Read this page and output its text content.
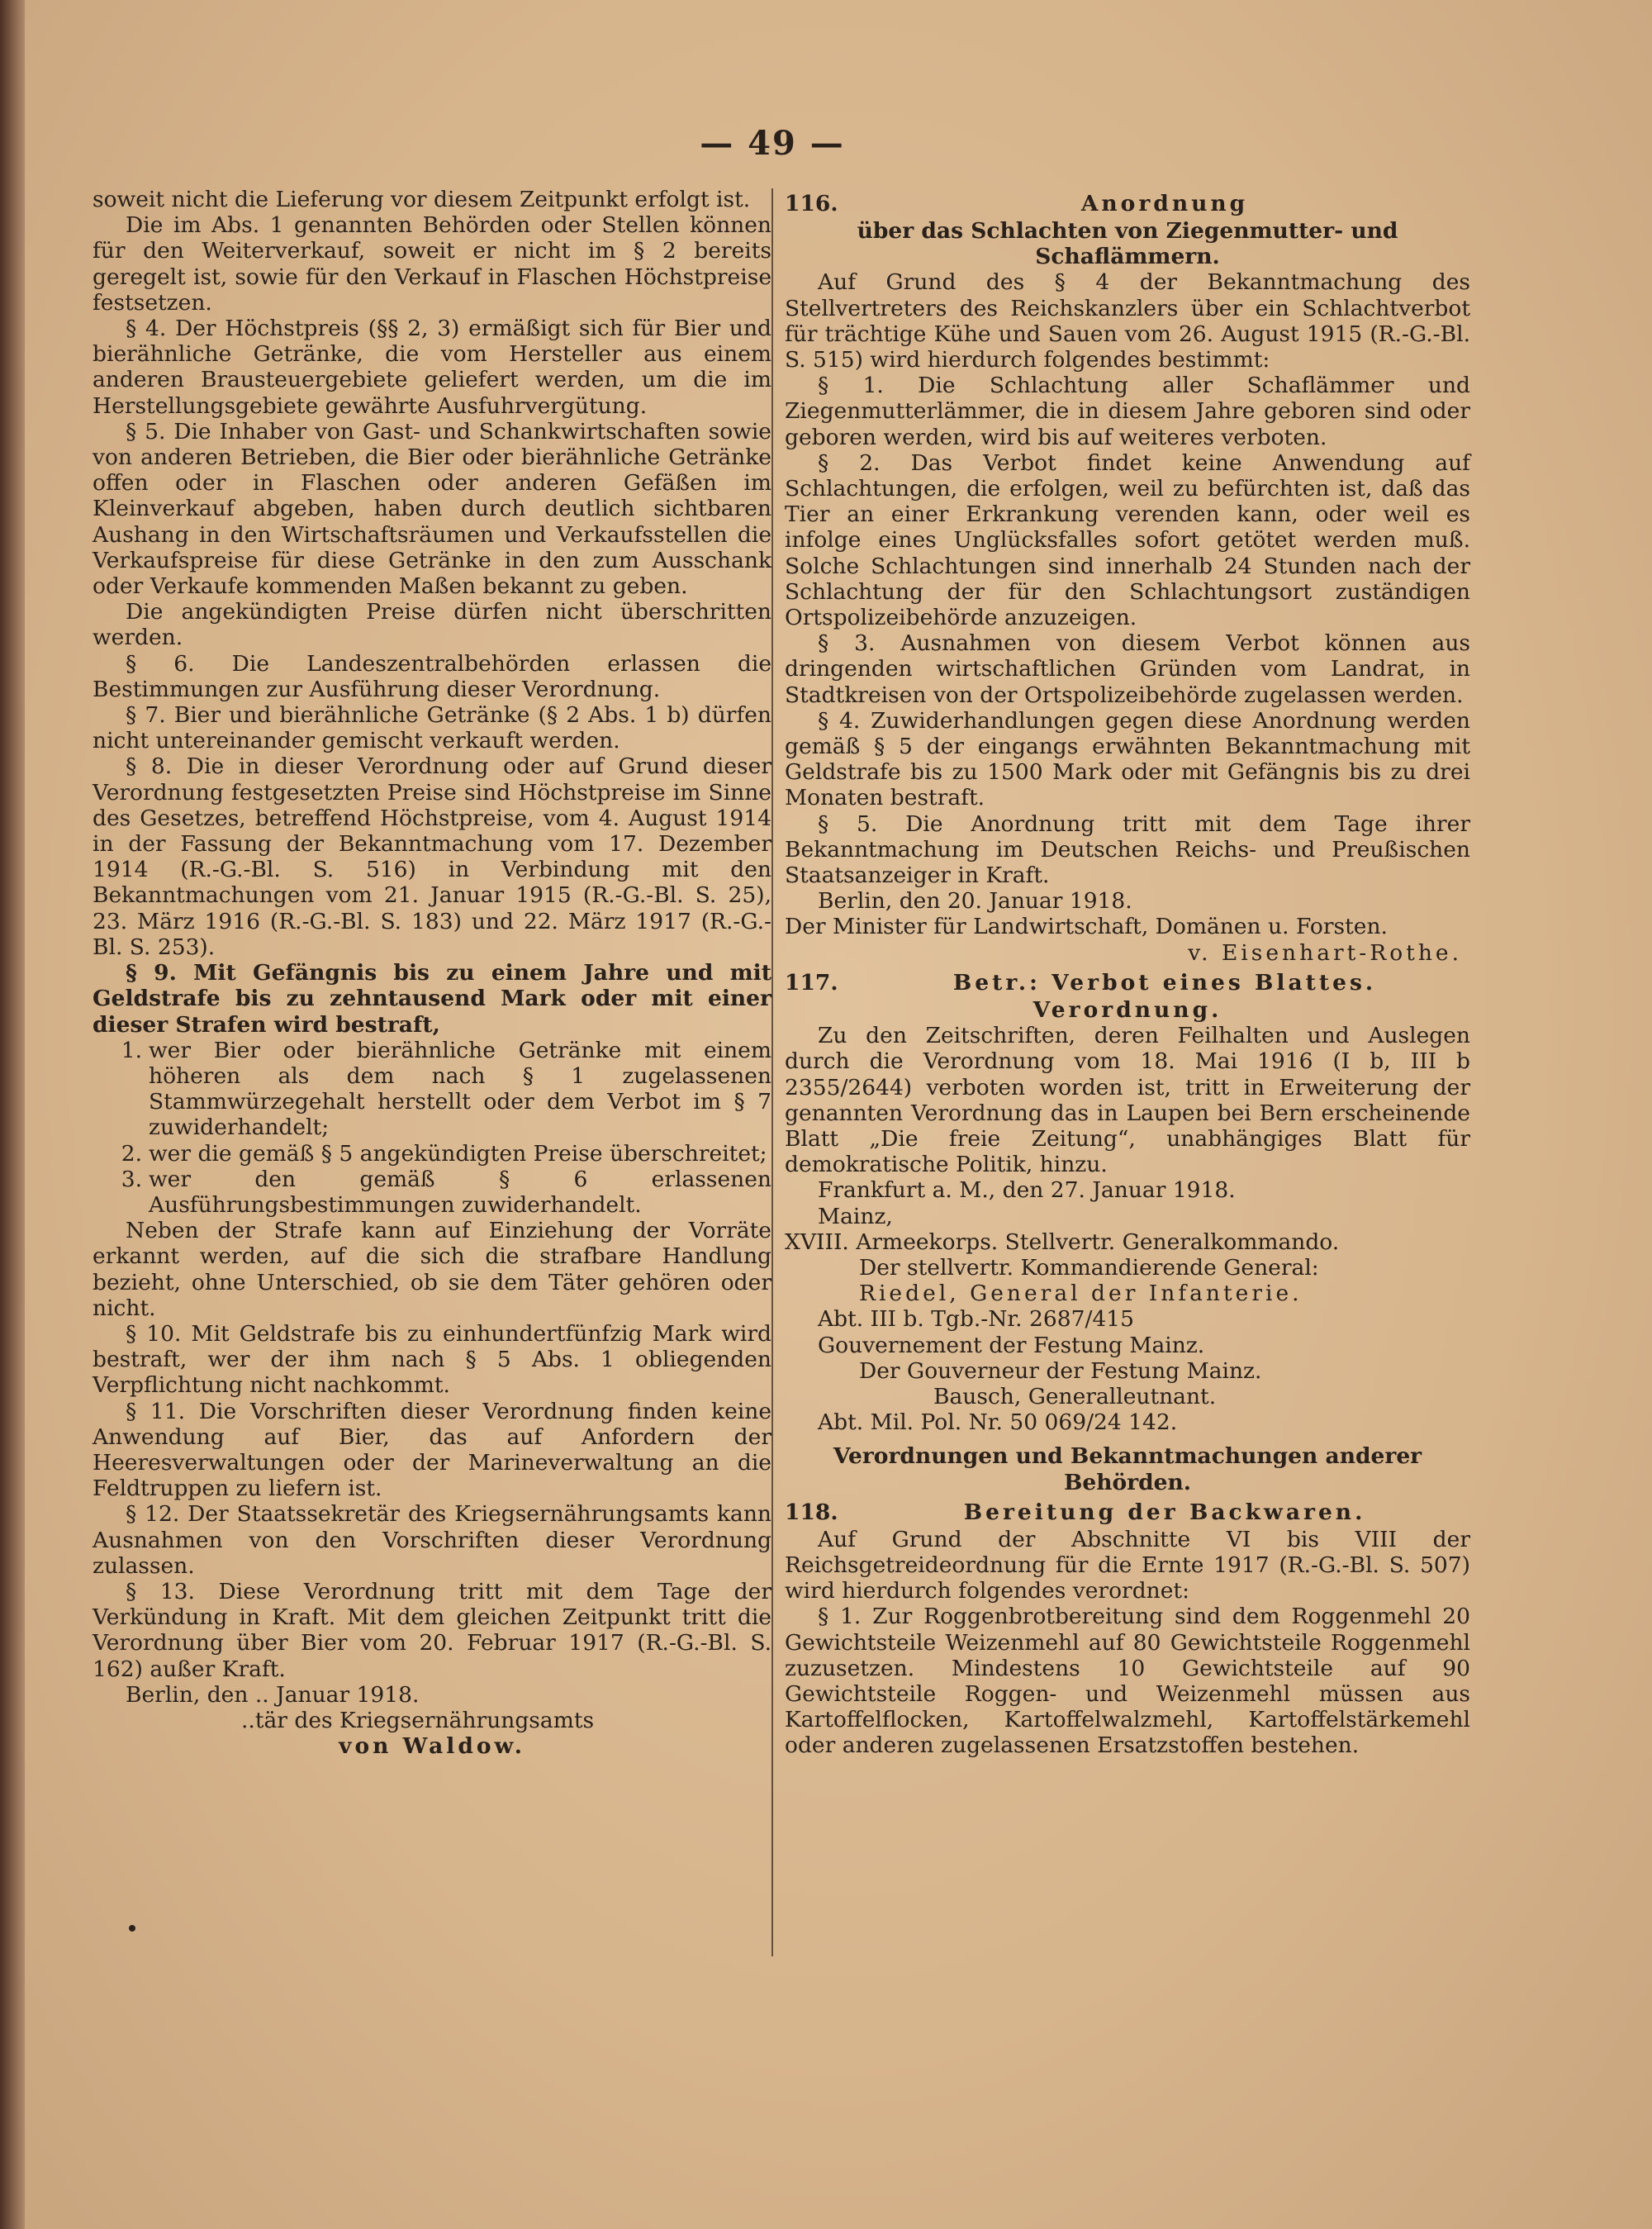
— 49 —

soweit nicht die Lieferung vor diesem Zeitpunkt erfolgt ist.

Die im Abs. 1 genannten Behörden oder Stellen können für den Weiterverkauf, soweit er nicht im § 2 bereits geregelt ist, sowie für den Verkauf in Flaschen Höchstpreise festsetzen.

§ 4. Der Höchstpreis (§§ 2, 3) ermäßigt sich für Bier und bierähnliche Getränke, die vom Hersteller aus einem anderen Brausteuergebiete geliefert werden, um die im Herstellungsgebiete gewährte Ausfuhrvergütung.

§ 5. Die Inhaber von Gast- und Schankwirtschaften sowie von anderen Betrieben, die Bier oder bierähnliche Getränke offen oder in Flaschen oder anderen Gefäßen im Kleinverkauf abgeben, haben durch deutlich sichtbaren Aushang in den Wirtschaftsräumen und Verkaufsstellen die Verkaufspreise für diese Getränke in den zum Ausschank oder Verkaufe kommenden Maßen bekannt zu geben.

Die angekündigten Preise dürfen nicht überschritten werden.

§ 6. Die Landeszentralbehörden erlassen die Bestimmungen zur Ausführung dieser Verordnung.

§ 7. Bier und bierähnliche Getränke (§ 2 Abs. 1 b) dürfen nicht untereinander gemischt verkauft werden.

§ 8. Die in dieser Verordnung oder auf Grund dieser Verordnung festgesetzten Preise sind Höchstpreise im Sinne des Gesetzes, betreffend Höchstpreise, vom 4. August 1914 in der Fassung der Bekanntmachung vom 17. Dezember 1914 (R.-G.-Bl. S. 516) in Verbindung mit den Bekanntmachungen vom 21. Januar 1915 (R.-G.-Bl. S. 25), 23. März 1916 (R.-G.-Bl. S. 183) und 22. März 1917 (R.-G.-Bl. S. 253).

§ 9. Mit Gefängnis bis zu einem Jahre und mit Geldstrafe bis zu zehntausend Mark oder mit einer dieser Strafen wird bestraft,

1. wer Bier oder bierähnliche Getränke mit einem höheren als dem nach § 1 zugelassenen Stammwürzegehalt herstellt oder dem Verbot im § 7 zuwiderhandelt;
2. wer die gemäß § 5 angekündigten Preise überschreitet;
3. wer den gemäß § 6 erlassenen Ausführungsbestimmungen zuwiderhandelt.

Neben der Strafe kann auf Einziehung der Vorräte erkannt werden, auf die sich die strafbare Handlung bezieht, ohne Unterschied, ob sie dem Täter gehören oder nicht.

§ 10. Mit Geldstrafe bis zu einhundertfünfzig Mark wird bestraft, wer der ihm nach § 5 Abs. 1 obliegenden Verpflichtung nicht nachkommt.

§ 11. Die Vorschriften dieser Verordnung finden keine Anwendung auf Bier, das auf Anfordern der Heeresverwaltungen oder der Marineverwaltung an die Feldtruppen zu liefern ist.

§ 12. Der Staatssekretär des Kriegsernährungsamts kann Ausnahmen von den Vorschriften dieser Verordnung zulassen.

§ 13. Diese Verordnung tritt mit dem Tage der Verkündung in Kraft. Mit dem gleichen Zeitpunkt tritt die Verordnung über Bier vom 20. Februar 1917 (R.-G.-Bl. S. 162) außer Kraft.

Berlin, den .. Januar 1918.

..tär des Kriegsernährungsamts

von Waldow.

116.	Anordnung

über das Schlachten von Ziegenmutter- und Schaflämmern.

Auf Grund des § 4 der Bekanntmachung des Stellvertreters des Reichskanzlers über ein Schlachtverbot für trächtige Kühe und Sauen vom 26. August 1915 (R.-G.-Bl. S. 515) wird hierdurch folgendes bestimmt:

§ 1. Die Schlachtung aller Schaflämmer und Ziegenmutterlämmer, die in diesem Jahre geboren sind oder geboren werden, wird bis auf weiteres verboten.

§ 2. Das Verbot findet keine Anwendung auf Schlachtungen, die erfolgen, weil zu befürchten ist, daß das Tier an einer Erkrankung verenden kann, oder weil es infolge eines Unglücksfalles sofort getötet werden muß. Solche Schlachtungen sind innerhalb 24 Stunden nach der Schlachtung der für den Schlachtungsort zuständigen Ortspolizeibehörde anzuzeigen.

§ 3. Ausnahmen von diesem Verbot können aus dringenden wirtschaftlichen Gründen vom Landrat, in Stadtkreisen von der Ortspolizeibehörde zugelassen werden.

§ 4. Zuwiderhandlungen gegen diese Anordnung werden gemäß § 5 der eingangs erwähnten Bekanntmachung mit Geldstrafe bis zu 1500 Mark oder mit Gefängnis bis zu drei Monaten bestraft.

§ 5. Die Anordnung tritt mit dem Tage ihrer Bekanntmachung im Deutschen Reichs- und Preußischen Staatsanzeiger in Kraft.

Berlin, den 20. Januar 1918.

Der Minister für Landwirtschaft, Domänen u. Forsten.

v. Eisenhart-Rothe.

117.	Betr.: Verbot eines Blattes.

Verordnung.

Zu den Zeitschriften, deren Feilhalten und Auslegen durch die Verordnung vom 18. Mai 1916 (I b, III b 2355/2644) verboten worden ist, tritt in Erweiterung der genannten Verordnung das in Laupen bei Bern erscheinende Blatt „Die freie Zeitung“, unabhängiges Blatt für demokratische Politik, hinzu.

Frankfurt a. M., den 27. Januar 1918.

Mainz,

XVIII. Armeekorps. Stellvertr. Generalkommando.

Der stellvertr. Kommandierende General:

Riedel, General der Infanterie.

Abt. III b. Tgb.-Nr. 2687/415

Gouvernement der Festung Mainz.

Der Gouverneur der Festung Mainz.

Bausch, Generalleutnant.

Abt. Mil. Pol. Nr. 50 069/24 142.

Verordnungen und Bekanntmachungen anderer Behörden.

118.	Bereitung der Backwaren.

Auf Grund der Abschnitte VI bis VIII der Reichsgetreideordnung für die Ernte 1917 (R.-G.-Bl. S. 507) wird hierdurch folgendes verordnet:

§ 1. Zur Roggenbrotbereitung sind dem Roggenmehl 20 Gewichtsteile Weizenmehl auf 80 Gewichtsteile Roggenmehl zuzusetzen. Mindestens 10 Gewichtsteile auf 90 Gewichtsteile Roggen- und Weizenmehl müssen aus Kartoffelflocken, Kartoffelwalzmehl, Kartoffelstärkemehl oder anderen zugelassenen Ersatzstoffen bestehen.
